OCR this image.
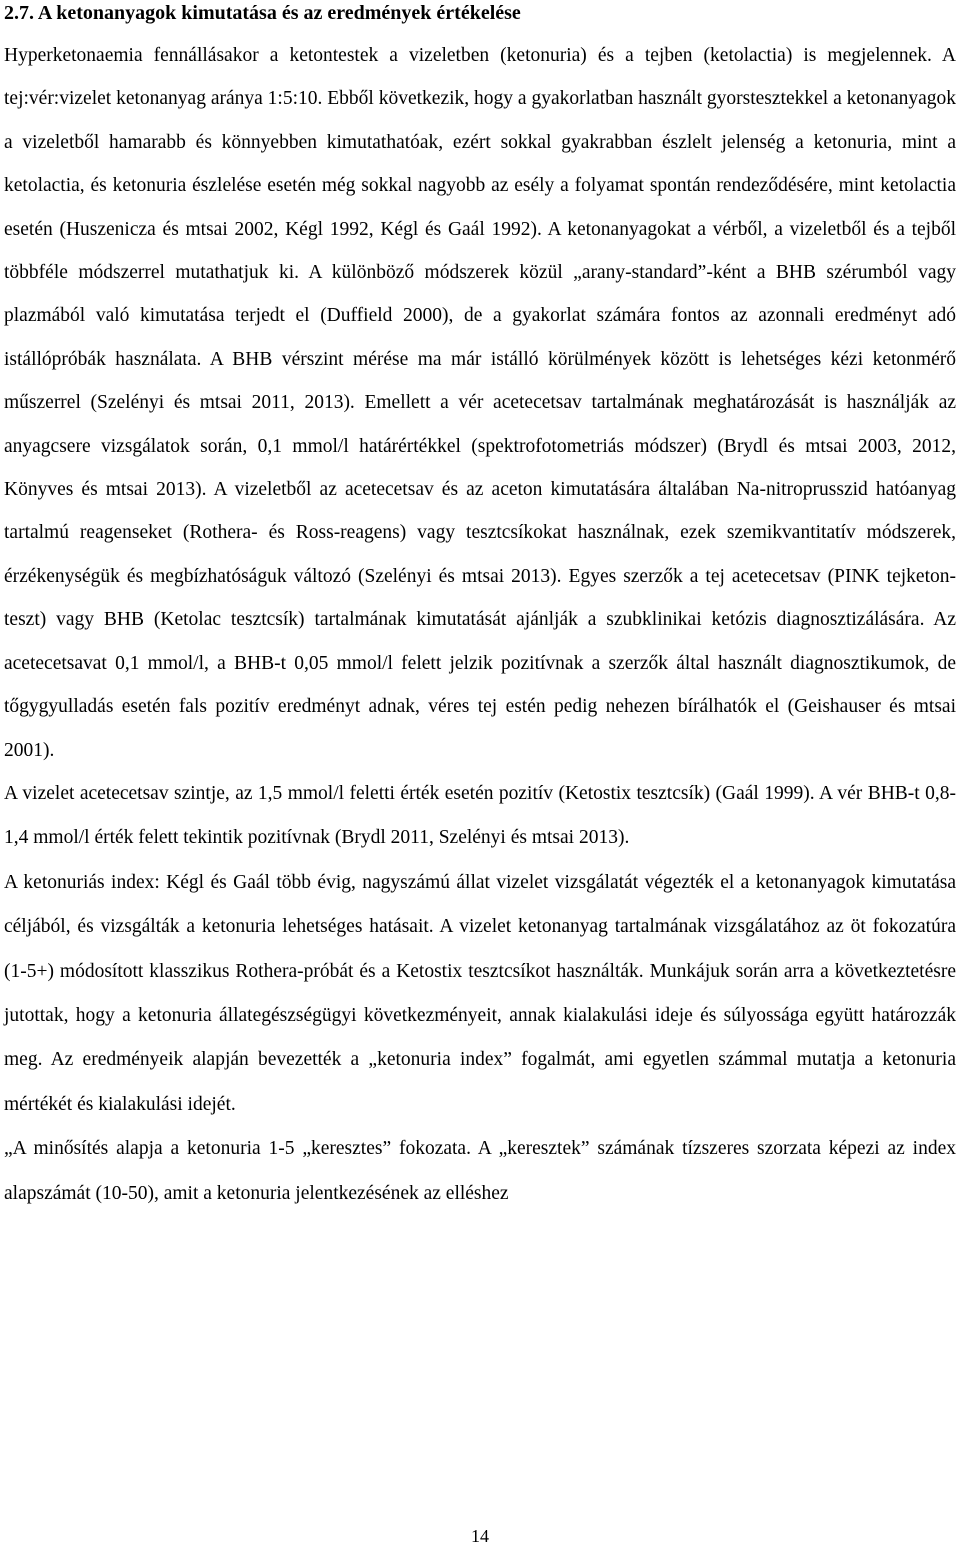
2.7. A ketonanyagok kimutatása és az eredmények értékelése

Hyperketonaemia fennállásakor a ketontestek a vizeletben (ketonuria) és a tejben (ketolactia) is megjelennek. A tej:vér:vizelet ketonanyag aránya 1:5:10. Ebből következik, hogy a gyakorlatban használt gyorstesztekkel a ketonanyagok a vizeletből hamarabb és könnyebben kimutathatóak, ezért sokkal gyakrabban észlelt jelenség a ketonuria, mint a ketolactia, és ketonuria észlelése esetén még sokkal nagyobb az esély a folyamat spontán rendeződésére, mint ketolactia esetén (Huszenicza és mtsai 2002, Kégl 1992, Kégl és Gaál 1992). A ketonanyagokat a vérből, a vizeletből és a tejből többféle módszerrel mutathatjuk ki. A különböző módszerek közül „arany-standard”-ként a BHB szérumból vagy plazmából való kimutatása terjedt el (Duffield 2000), de a gyakorlat számára fontos az azonnali eredményt adó istállópróbák használata. A BHB vérszint mérése ma már istálló körülmények között is lehetséges kézi ketonmérő műszerrel (Szelényi és mtsai 2011, 2013). Emellett a vér acetecetsav tartalmának meghatározását is használják az anyagcsere vizsgálatok során, 0,1 mmol/l határértékkel (spektrofotometriás módszer) (Brydl és mtsai 2003, 2012, Könyves és mtsai 2013). A vizeletből az acetecetsav és az aceton kimutatására általában Na-nitroprusszid hatóanyag tartalmú reagenseket (Rothera- és Ross-reagens) vagy tesztcsíkokat használnak, ezek szemikvantitatív módszerek, érzékenységük és megbízhatóságuk változó (Szelényi és mtsai 2013). Egyes szerzők a tej acetecetsav (PINK tejketon-teszt) vagy BHB (Ketolac tesztcsík) tartalmának kimutatását ajánlják a szubklinikai ketózis diagnosztizálására. Az acetecetsavat 0,1 mmol/l, a BHB-t 0,05 mmol/l felett jelzik pozitívnak a szerzők által használt diagnosztikumok, de tőgygyulladás esetén fals pozitív eredményt adnak, véres tej estén pedig nehezen bírálhatók el (Geishauser és mtsai 2001).

A vizelet acetecetsav szintje, az 1,5 mmol/l feletti érték esetén pozitív (Ketostix tesztcsík) (Gaál 1999). A vér BHB-t 0,8-1,4 mmol/l érték felett tekintik pozitívnak (Brydl 2011, Szelényi és mtsai 2013).

A ketonuriás index: Kégl és Gaál több évig, nagyszámú állat vizelet vizsgálatát végezték el a ketonanyagok kimutatása céljából, és vizsgálták a ketonuria lehetséges hatásait. A vizelet ketonanyag tartalmának vizsgálatához az öt fokozatúra (1-5+) módosított klasszikus Rothera-próbát és a Ketostix tesztcsíkot használták. Munkájuk során arra a következtetésre jutottak, hogy a ketonuria állategészségügyi következményeit, annak kialakulási ideje és súlyossága együtt határozzák meg. Az eredményeik alapján bevezették a „ketonuria index” fogalmát, ami egyetlen számmal mutatja a ketonuria mértékét és kialakulási idejét.

„A minősítés alapja a ketonuria 1-5 „keresztes” fokozata. A „keresztek” számának tízszeres szorzata képezi az index alapszámát (10-50), amit a ketonuria jelentkezésének az elléshez

14
